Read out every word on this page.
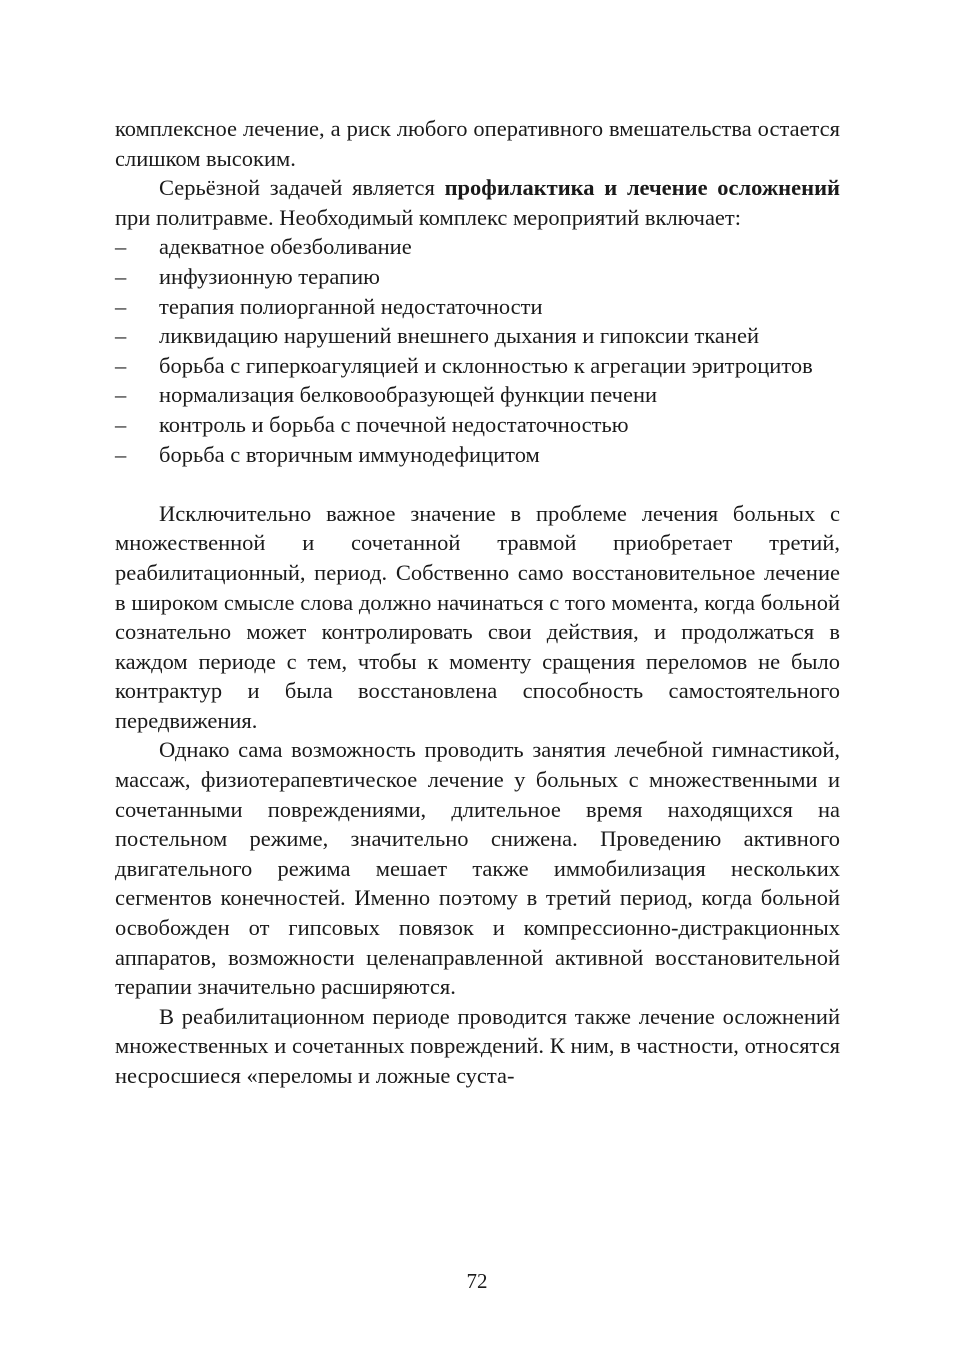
комплексное лечение, а риск любого оперативного вмешательства остается слишком высоким.

Серьёзной задачей является профилактика и лечение осложнений при политравме. Необходимый комплекс мероприятий включает:

– адекватное обезболивание
– инфузионную терапию
– терапия полиорганной недостаточности
– ликвидацию нарушений внешнего дыхания и гипоксии тканей
– борьба с гиперкоагуляцией и склонностью к агрегации эритроцитов
– нормализация белковообразующей функции печени
– контроль и борьба с почечной недостаточностью
– борьба с вторичным иммунодефицитом

Исключительно важное значение в проблеме лечения больных с множественной и сочетанной травмой приобретает третий, реабилитационный, период. Собственно само восстановительное лечение в широком смысле слова должно начинаться с того момента, когда больной сознательно может контролировать свои действия, и продолжаться в каждом периоде с тем, чтобы к моменту сращения переломов не было контрактур и была восстановлена способность самостоятельного передвижения.

Однако сама возможность проводить занятия лечебной гимнастикой, массаж, физиотерапевтическое лечение у больных с множественными и сочетанными повреждениями, длительное время находящихся на постельном режиме, значительно снижена. Проведению активного двигательного режима мешает также иммобилизация нескольких сегментов конечностей. Именно поэтому в третий период, когда больной освобожден от гипсовых повязок и компрессионно-дистракционных аппаратов, возможности целенаправленной активной восстановительной терапии значительно расширяются.

В реабилитационном периоде проводится также лечение осложнений множественных и сочетанных повреждений. К ним, в частности, относятся несросшиеся «переломы и ложные суста-

72
